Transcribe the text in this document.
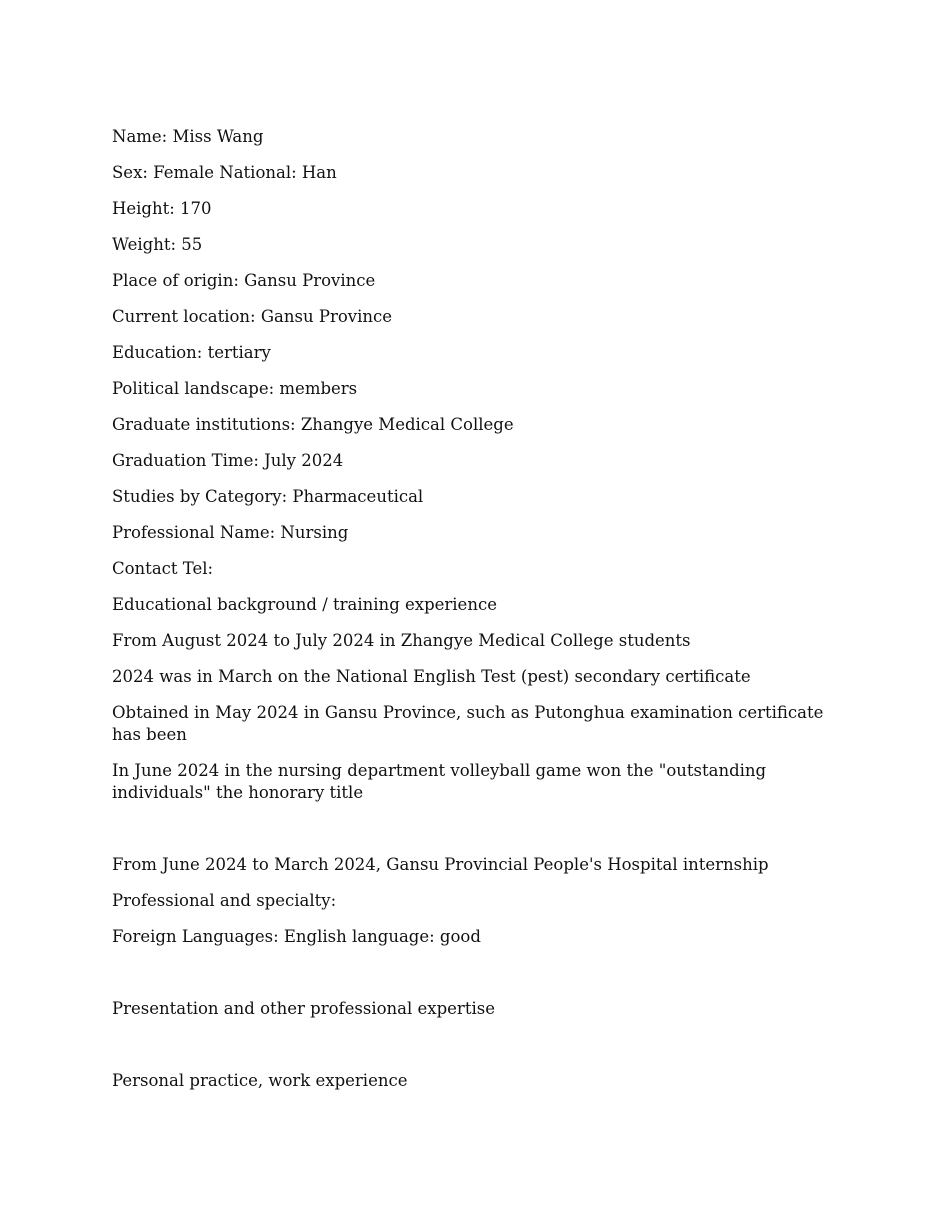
Name: Miss Wang

Sex: Female National: Han

Height: 170

Weight: 55

Place of origin: Gansu Province

Current location: Gansu Province

Education: tertiary

Political landscape: members

Graduate institutions: Zhangye Medical College

Graduation Time: July 2024

Studies by Category: Pharmaceutical

Professional Name: Nursing

Contact Tel:

Educational background / training experience

From August 2024 to July 2024 in Zhangye Medical College students

2024 was in March on the National English Test (pest) secondary certificate

Obtained in May 2024 in Gansu Province, such as Putonghua examination certificate has been

In June 2024 in the nursing department volleyball game won the "outstanding individuals" the honorary title

From June 2024 to March 2024, Gansu Provincial People's Hospital internship

Professional and specialty:

Foreign Languages: English language: good

Presentation and other professional expertise

Personal practice, work experience
